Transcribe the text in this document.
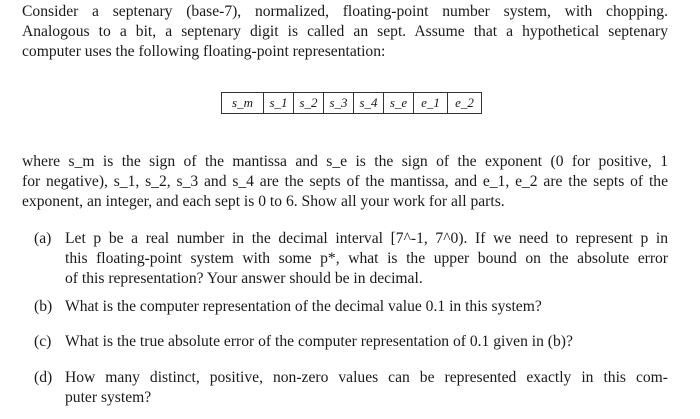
Consider a septenary (base-7), normalized, floating-point number system, with chopping.
Analogous to a bit, a septenary digit is called an sept. Assume that a hypothetical septenary
computer uses the following floating-point representation:
s_m	s_1 s_2 s_3 s_4 s_e	e_1	e_2
where s_m is the sign of the mantissa and s_e is the sign of the exponent (0 for positive, 1
for negative), s_1, s_2, s_3 and s_4 are the septs of the mantissa, and e_1, e_2 are the septs of the
exponent, an integer, and each sept is 0 to 6. Show all your work for all parts.
(a) Let p be a real number in the decimal interval [7^-1, 7^0). If we need to represent p in
this floating-point system with some p*, what is the upper bound on the absolute error
of this representation? Your answer should be in decimal.
(b) What is the computer representation of the decimal value 0.1 in this system?
(c) What is the true absolute error of the computer representation of 0.1 given in (b)?
(d) How many distinct, positive, non-zero values can be represented exactly in this com-
puter system?
